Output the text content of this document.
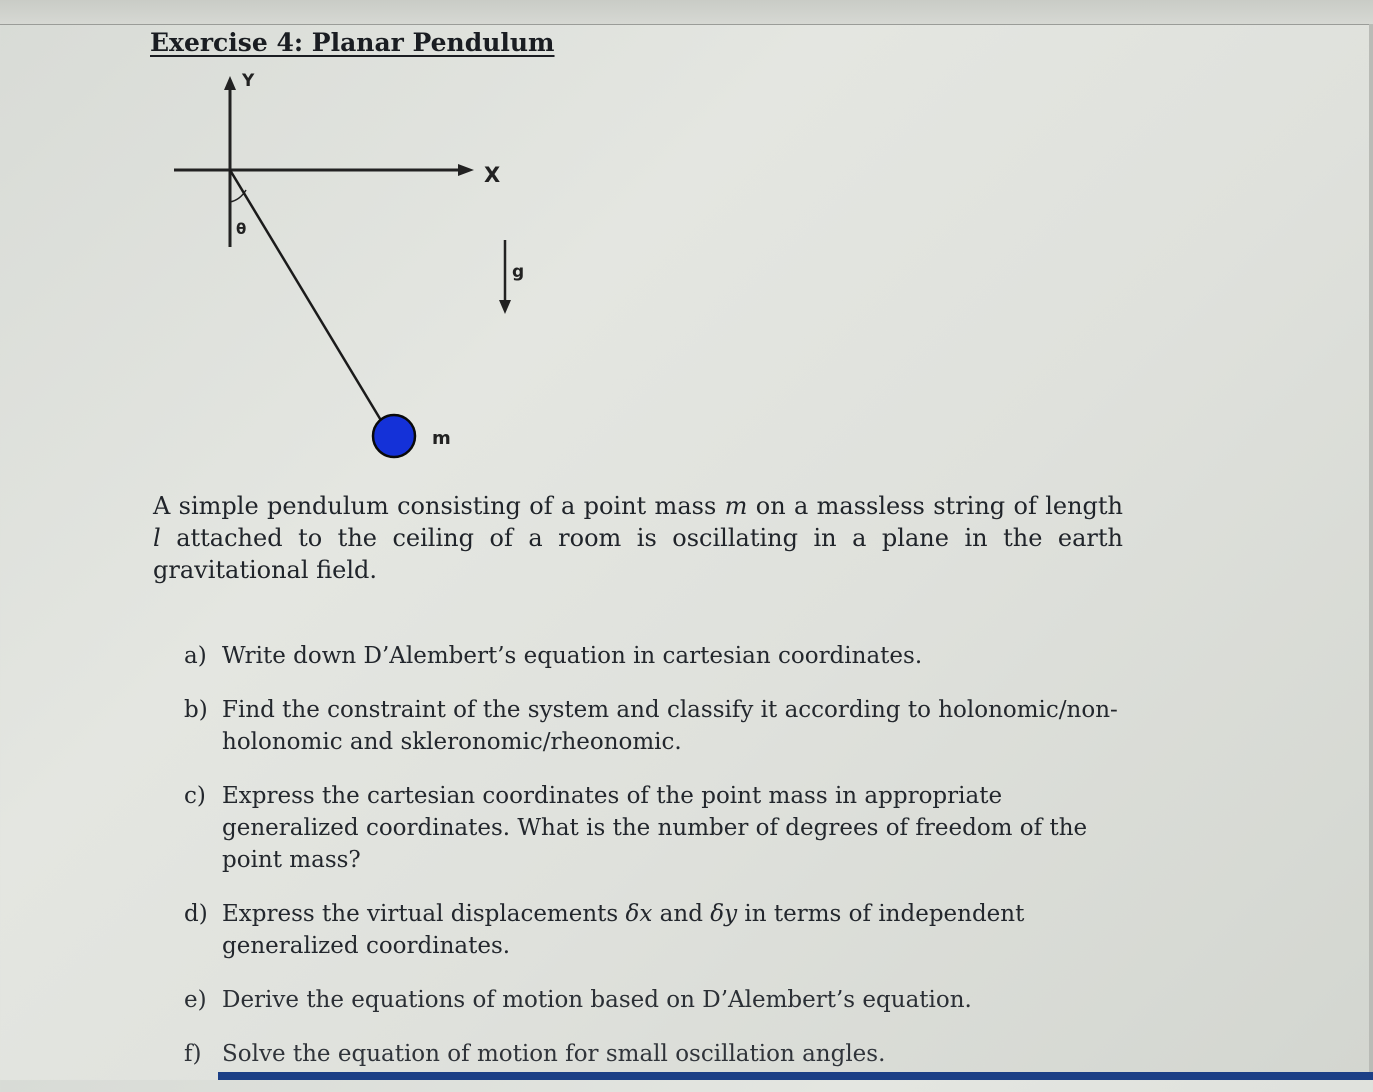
Exercise 4: Planar Pendulum
Y
X
θ
m
g
A simple pendulum consisting of a point mass m on a massless string of length l attached to the ceiling of a room is oscillating in a plane in the earth gravitational field.
a) Write down D’Alembert’s equation in cartesian coordinates.
b) Find the constraint of the system and classify it according to holonomic/non-holonomic and skleronomic/rheonomic.
c) Express the cartesian coordinates of the point mass in appropriate generalized coordinates. What is the number of degrees of freedom of the point mass?
d) Express the virtual displacements δx and δy in terms of independent generalized coordinates.
e) Derive the equations of motion based on D’Alembert’s equation.
f) Solve the equation of motion for small oscillation angles.
